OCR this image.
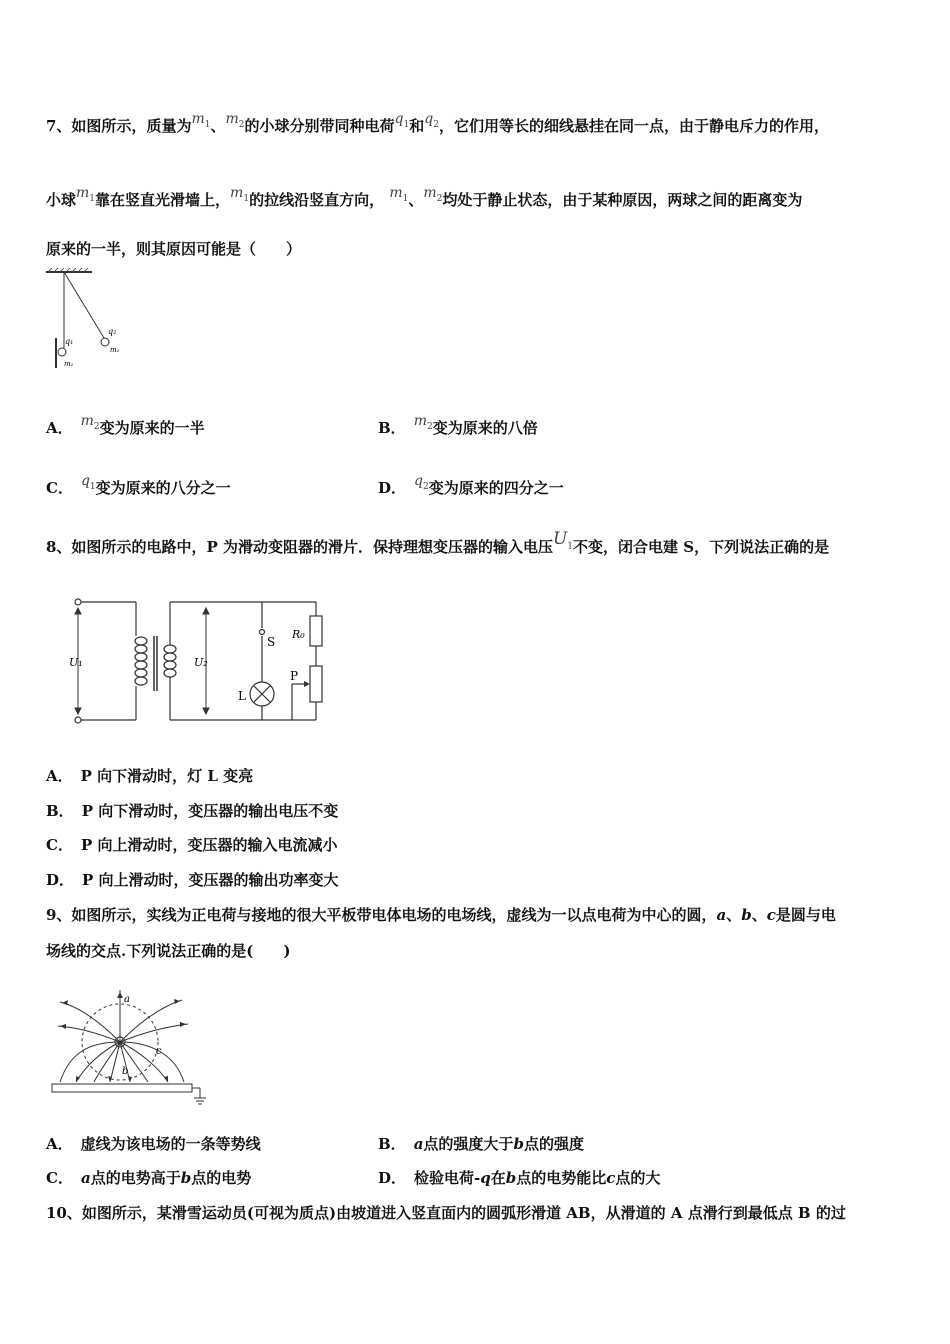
7、如图所示，质量为$m_1$、$m_2$的小球分别带同种电荷$q_1$和$q_2$，它们用等长的细线悬挂在同一点，由于静电斥力的作用，
小球$m_1$靠在竖直光滑墙上，$m_1$的拉线沿竖直方向， $m_1$、$m_2$均处于静止状态，由于某种原因，两球之间的距离变为
原来的一半，则其原因可能是（　　）
q₁
m₁
q₂
m₂
A． $m_2$变为原来的一半	B． $m_2$变为原来的八倍
C． $q_1$变为原来的八分之一	D． $q_2$变为原来的四分之一
8、如图所示的电路中，P 为滑动变阻器的滑片．保持理想变压器的输入电压$U_1$不变，闭合电建 S，下列说法正确的是
U₁	U₂
S
R₀
P
L
A． P 向下滑动时，灯 L 变亮
B． P 向下滑动时，变压器的输出电压不变
C． P 向上滑动时，变压器的输入电流减小
D． P 向上滑动时，变压器的输出功率变大
9、如图所示，实线为正电荷与接地的很大平板带电体电场的电场线，虚线为一以点电荷为中心的圆，a、b、c是圆与电
场线的交点.下列说法正确的是(　　)
a
c
b
A． 虚线为该电场的一条等势线	B． a点的强度大于b点的强度
C． a点的电势高于b点的电势	D． 检验电荷-q在b点的电势能比c点的大
10、如图所示，某滑雪运动员(可视为质点)由坡道进入竖直面内的圆弧形滑道 AB，从滑道的 A 点滑行到最低点 B 的过
